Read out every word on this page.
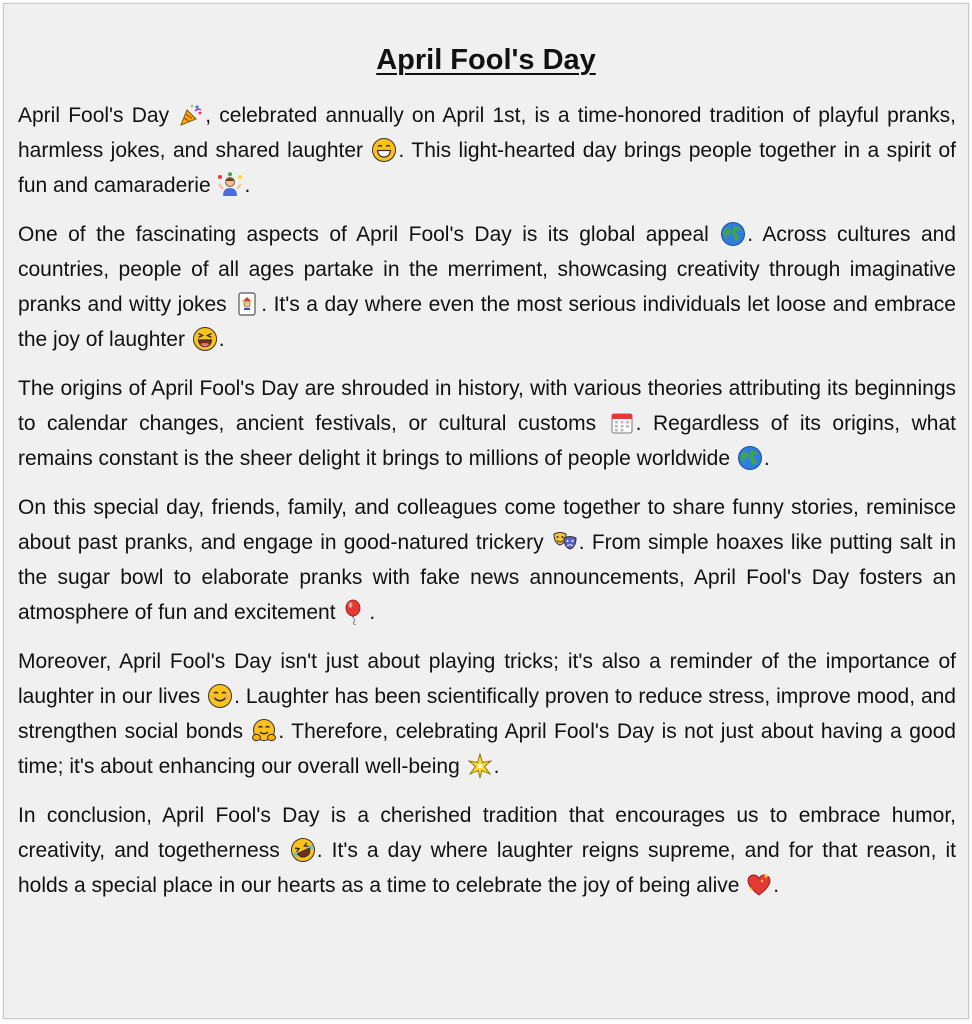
April Fool's Day

April Fool's Day
, celebrated annually on April 1st, is a time-honored tradition of playful pranks, harmless jokes, and shared laughter
. This light-hearted day brings people together in a spirit of fun and camaraderie
.

One of the fascinating aspects of April Fool's Day is its global appeal
. Across cultures and countries, people of all ages partake in the merriment, showcasing creativity through imaginative pranks and witty jokes
. It's a day where even the most serious individuals let loose and embrace the joy of laughter
.

The origins of April Fool's Day are shrouded in history, with various theories attributing its beginnings to calendar changes, ancient festivals, or cultural customs
. Regardless of its origins, what remains constant is the sheer delight it brings to millions of people worldwide
.

On this special day, friends, family, and colleagues come together to share funny stories, reminisce about past pranks, and engage in good-natured trickery
. From simple hoaxes like putting salt in the sugar bowl to elaborate pranks with fake news announcements, April Fool's Day fosters an atmosphere of fun and excitement
.

Moreover, April Fool's Day isn't just about playing tricks; it's also a reminder of the importance of laughter in our lives
. Laughter has been scientifically proven to reduce stress, improve mood, and strengthen social bonds
. Therefore, celebrating April Fool's Day is not just about having a good time; it's about enhancing our overall well-being
.

In conclusion, April Fool's Day is a cherished tradition that encourages us to embrace humor, creativity, and togetherness
. It's a day where laughter reigns supreme, and for that reason, it holds a special place in our hearts as a time to celebrate the joy of being alive
.
